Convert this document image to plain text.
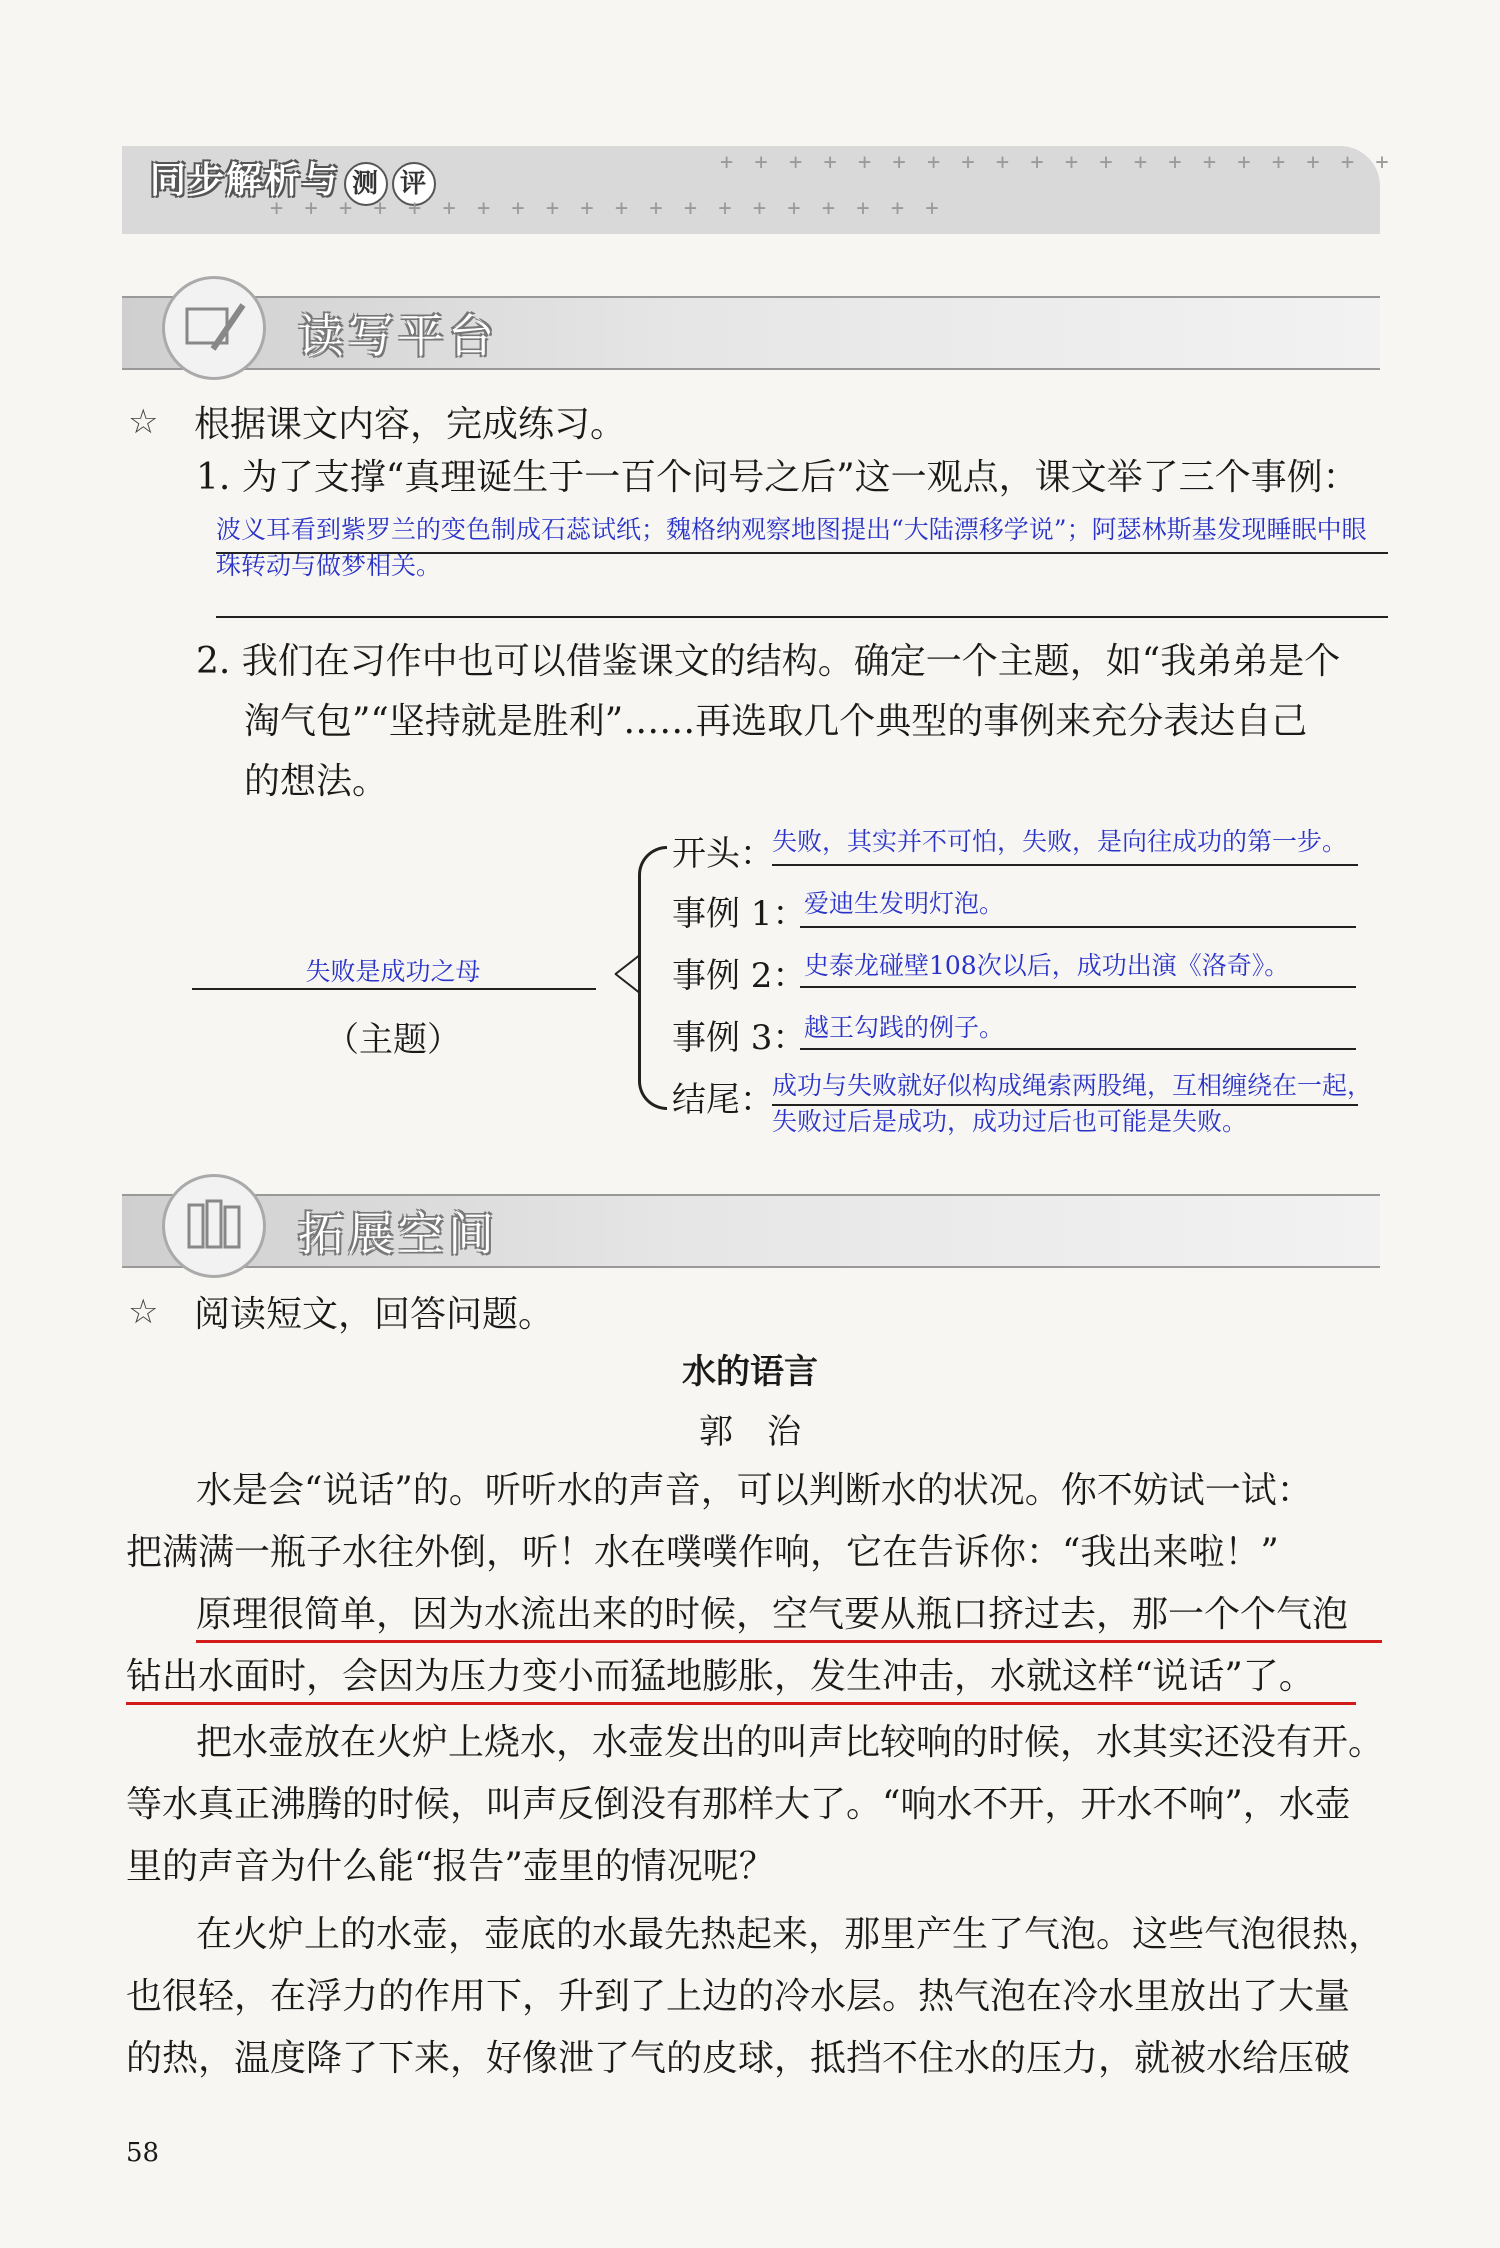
同步解析与 测 评
+ + + + + + + + + + + + + + + + + + + +
+ + + + + + + + + + + + + + + + + + + +
读写平台
☆ 根据课文内容，完成练习。
1. 为了支撑“真理诞生于一百个问号之后”这一观点，课文举了三个事例：
波义耳看到紫罗兰的变色制成石蕊试纸；魏格纳观察地图提出“大陆漂移学说”；阿瑟林斯基发现睡眠中眼珠转动与做梦相关。
2. 我们在习作中也可以借鉴课文的结构。确定一个主题，如“我弟弟是个
淘气包”“坚持就是胜利”……再选取几个典型的事例来充分表达自己
的想法。
失败是成功之母
（主题）
开头：
失败，其实并不可怕，失败，是向往成功的第一步。
事例 1：
爱迪生发明灯泡。
事例 2：
史泰龙碰壁108次以后，成功出演《洛奇》。
事例 3：
越王勾践的例子。
结尾：
成功与失败就好似构成绳索两股绳，互相缠绕在一起，
失败过后是成功，成功过后也可能是失败。
拓展空间
☆ 阅读短文，回答问题。
水的语言
郭　治
水是会“说话”的。听听水的声音，可以判断水的状况。你不妨试一试：
把满满一瓶子水往外倒，听！水在噗噗作响，它在告诉你：“我出来啦！”
原理很简单，因为水流出来的时候，空气要从瓶口挤过去，那一个个气泡
钻出水面时，会因为压力变小而猛地膨胀，发生冲击，水就这样“说话”了。
把水壶放在火炉上烧水，水壶发出的叫声比较响的时候，水其实还没有开。
等水真正沸腾的时候，叫声反倒没有那样大了。“响水不开，开水不响”，水壶
里的声音为什么能“报告”壶里的情况呢？
在火炉上的水壶，壶底的水最先热起来，那里产生了气泡。这些气泡很热，
也很轻，在浮力的作用下，升到了上边的冷水层。热气泡在冷水里放出了大量
的热，温度降了下来，好像泄了气的皮球，抵挡不住水的压力，就被水给压破
58
